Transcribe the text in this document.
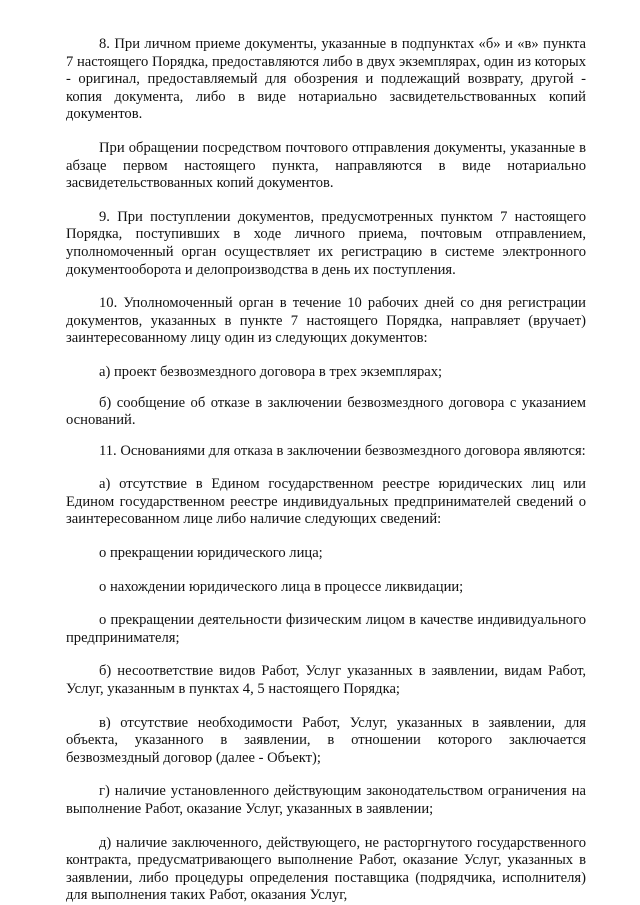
8. При личном приеме документы, указанные в подпунктах «б» и «в» пункта 7 настоящего Порядка, предоставляются либо в двух экземплярах, один из которых - оригинал, предоставляемый для обозрения и подлежащий возврату, другой - копия документа, либо в виде нотариально засвидетельствованных копий документов.

При обращении посредством почтового отправления документы, указанные в абзаце первом настоящего пункта, направляются в виде нотариально засвидетельствованных копий документов.

9. При поступлении документов, предусмотренных пунктом 7 настоящего Порядка, поступивших в ходе личного приема, почтовым отправлением, уполномоченный орган осуществляет их регистрацию в системе электронного документооборота и делопроизводства в день их поступления.

10. Уполномоченный орган в течение 10 рабочих дней со дня регистрации документов, указанных в пункте 7 настоящего Порядка, направляет (вручает) заинтересованному лицу один из следующих документов:

а) проект безвозмездного договора в трех экземплярах;

б) сообщение об отказе в заключении безвозмездного договора с указанием оснований.

11. Основаниями для отказа в заключении безвозмездного договора являются:

а) отсутствие в Едином государственном реестре юридических лиц или Едином государственном реестре индивидуальных предпринимателей сведений о заинтересованном лице либо наличие следующих сведений:

о прекращении юридического лица;

о нахождении юридического лица в процессе ликвидации;

о прекращении деятельности физическим лицом в качестве индивидуального предпринимателя;

б) несоответствие видов Работ, Услуг указанных в заявлении, видам Работ, Услуг, указанным в пунктах 4, 5 настоящего Порядка;

в) отсутствие необходимости Работ, Услуг, указанных в заявлении, для объекта, указанного в заявлении, в отношении которого заключается безвозмездный договор (далее - Объект);

г) наличие установленного действующим законодательством ограничения на выполнение Работ, оказание Услуг, указанных в заявлении;

д) наличие заключенного, действующего, не расторгнутого государственного контракта, предусматривающего выполнение Работ, оказание Услуг, указанных в заявлении, либо процедуры определения поставщика (подрядчика, исполнителя) для выполнения таких Работ, оказания Услуг,
